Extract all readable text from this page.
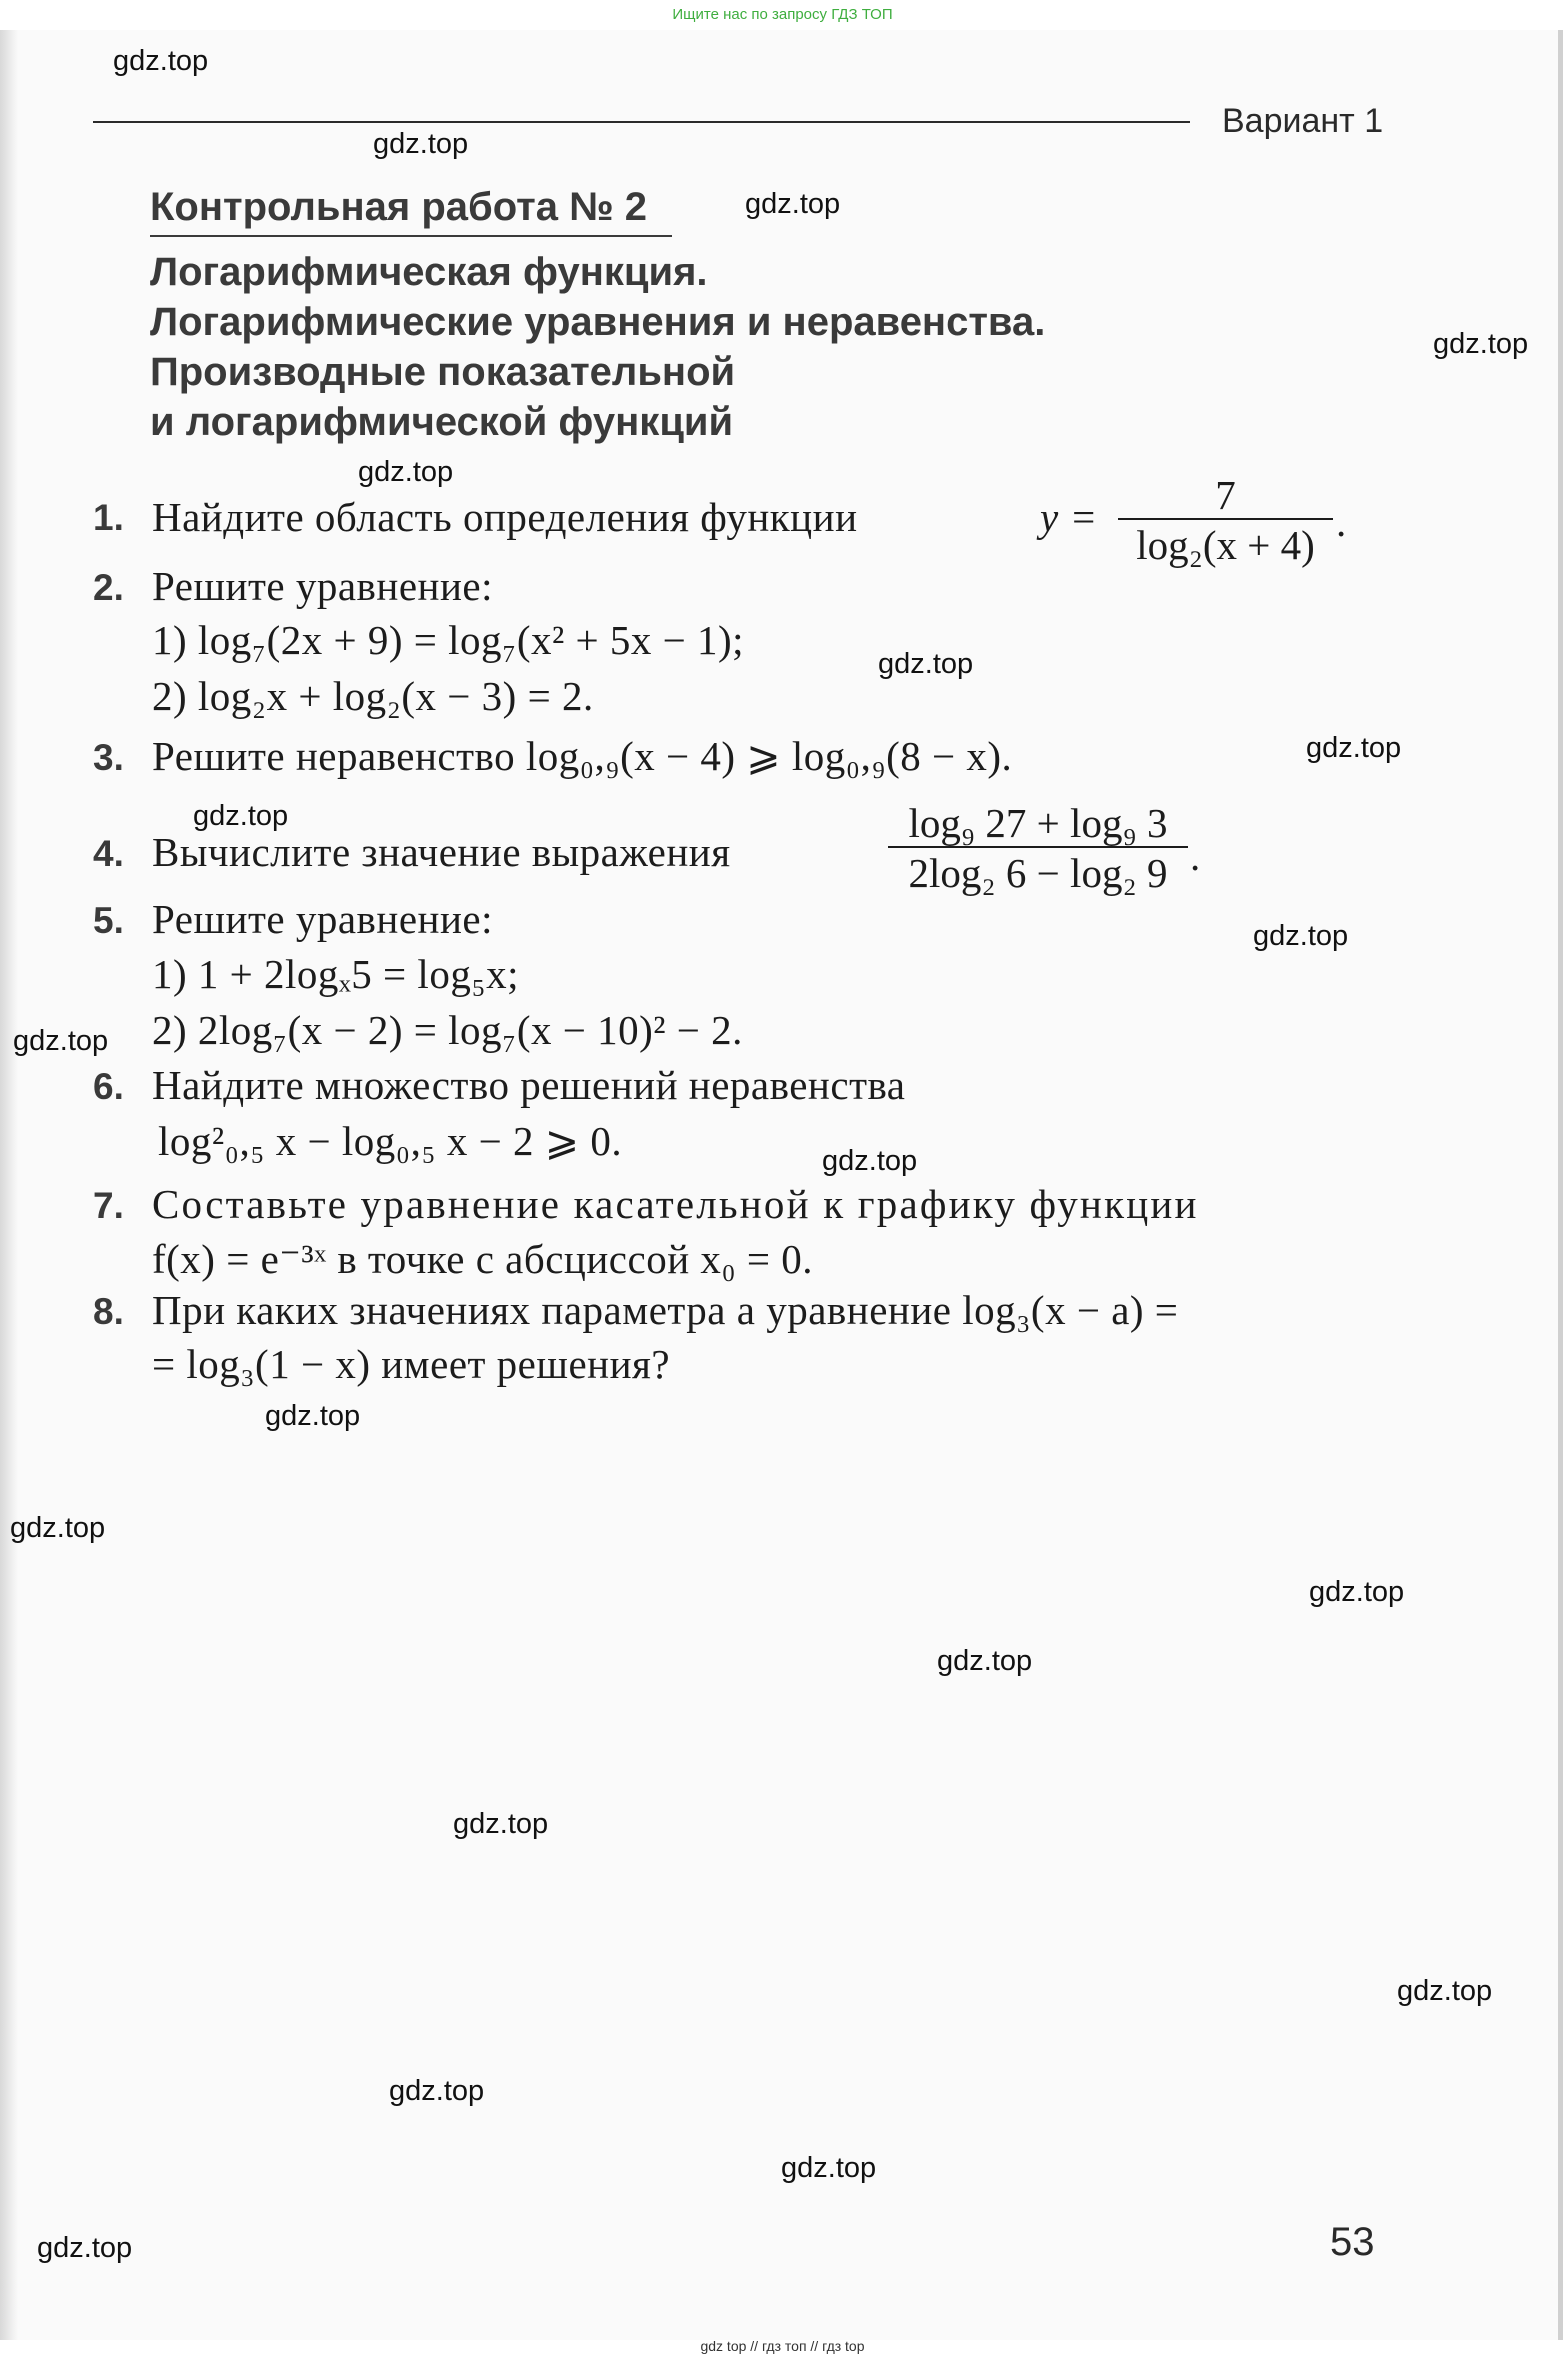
Ищите нас по запросу ГДЗ ТОП
Вариант 1
Контрольная работа № 2
Логарифмическая функция.
Логарифмические уравнения и неравенства.
Производные показательной
и логарифмической функций
1. Найдите область определения функции	y =	7
log₂(x + 4) .
2. Решите уравнение:
1) log₇(2x + 9) = log₇(x² + 5x − 1);
2) log₂x + log₂(x − 3) = 2.
3. Решите неравенство log₀,₉(x − 4) ⩾ log₀,₉(8 − x).
4. Вычислите значение выражения
log₉ 27 + log₉ 3
2log₂ 6 − log₂ 9 .
5. Решите уравнение:
1) 1 + 2logₓ5 = log₅x;
2) 2log₇(x − 2) = log₇(x − 10)² − 2.
6. Найдите множество решений неравенства
log²₀,₅ x − log₀,₅ x − 2 ⩾ 0.
7. Составьте уравнение касательной к графику функции
f(x) = e⁻³ˣ в точке с абсциссой x₀ = 0.
8. При каких значениях параметра a уравнение log₃(x − a) =
= log₃(1 − x) имеет решения?
gdz.top
gdz.top
gdz.top
gdz.top
gdz.top
gdz.top
gdz.top
gdz.top
gdz.top
gdz.top
gdz.top
gdz.top
gdz.top
gdz.top
gdz.top
gdz.top
gdz.top
gdz.top
gdz.top
gdz.top	53
gdz top // гдз топ // гдз top
